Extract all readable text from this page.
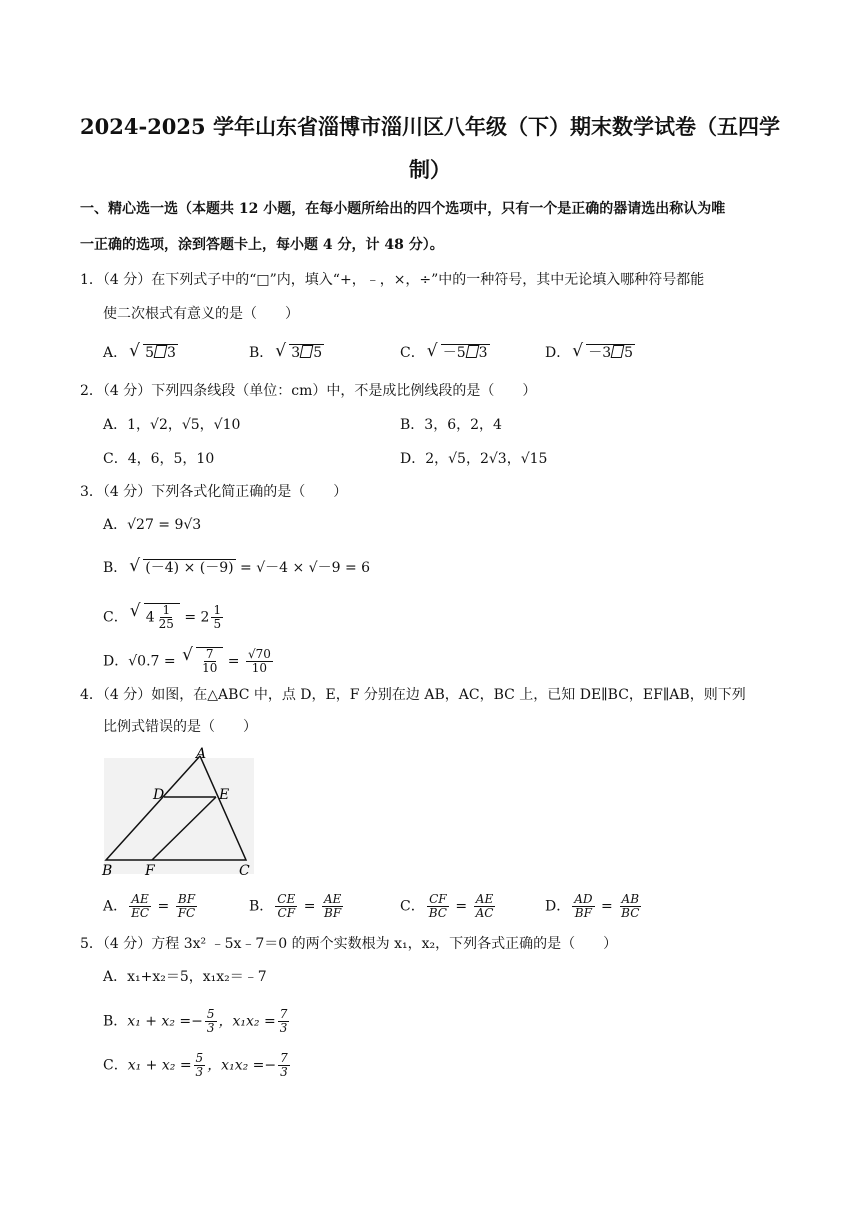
2024-2025 学年山东省淄博市淄川区八年级（下）期末数学试卷（五四学
制）
一、精心选一选（本题共 12 小题，在每小题所给出的四个选项中，只有一个是正确的器请选出称认为唯
一正确的选项，涂到答题卡上，每小题 4 分，计 48 分）。
1．（4 分）在下列式子中的“□”内，填入“+，﹣，×，÷”中的一种符号，其中无论填入哪种符号都能
使二次根式有意义的是（　　）
A． √ 5 3	B． √ 3 5	C． √ －5 3	D． √ －3 5
2．（4 分）下列四条线段（单位：cm）中，不是成比例线段的是（　　）
A．1，√2，√5，√10	B．3，6，2，4
C．4，6，5，10	D．2，√5，2√3，√15
3．（4 分）下列各式化简正确的是（　　）
A．√27 = 9√3
B． √ (－4) × (－9) = √－4 × √－9 = 6
C． √ $4 \frac{1}{25} = 2 \frac{1}{5}$
D．√0.7 = √ $\frac{7}{10} = \frac{√70}{10}$
4．（4 分）如图，在△ABC 中，点 D，E，F 分别在边 AB，AC，BC 上，已知 DE∥BC，EF∥AB，则下列
比例式错误的是（　　）
A
D	E
B F	C
A． $\frac{AE}{EC} = \frac{BF}{FC}$	B． $\frac{CE}{CF} = \frac{AE}{BF}$	C． $\frac{CF}{BC} = \frac{AE}{AC}$	D． $\frac{AD}{BF} = \frac{AB}{BC}$
5．（4 分）方程 3x² ﹣5x﹣7＝0 的两个实数根为 x₁，x₂，下列各式正确的是（　　）
A．x₁+x₂＝5，x₁x₂＝﹣7
B．$x_1 + x_2 =- \frac{5}{3}$ ，$x_1x_2 = \frac{7}{3}$
C．$x_1 + x_2 = \frac{5}{3}$ ，$x_1x_2 =- \frac{7}{3}$
